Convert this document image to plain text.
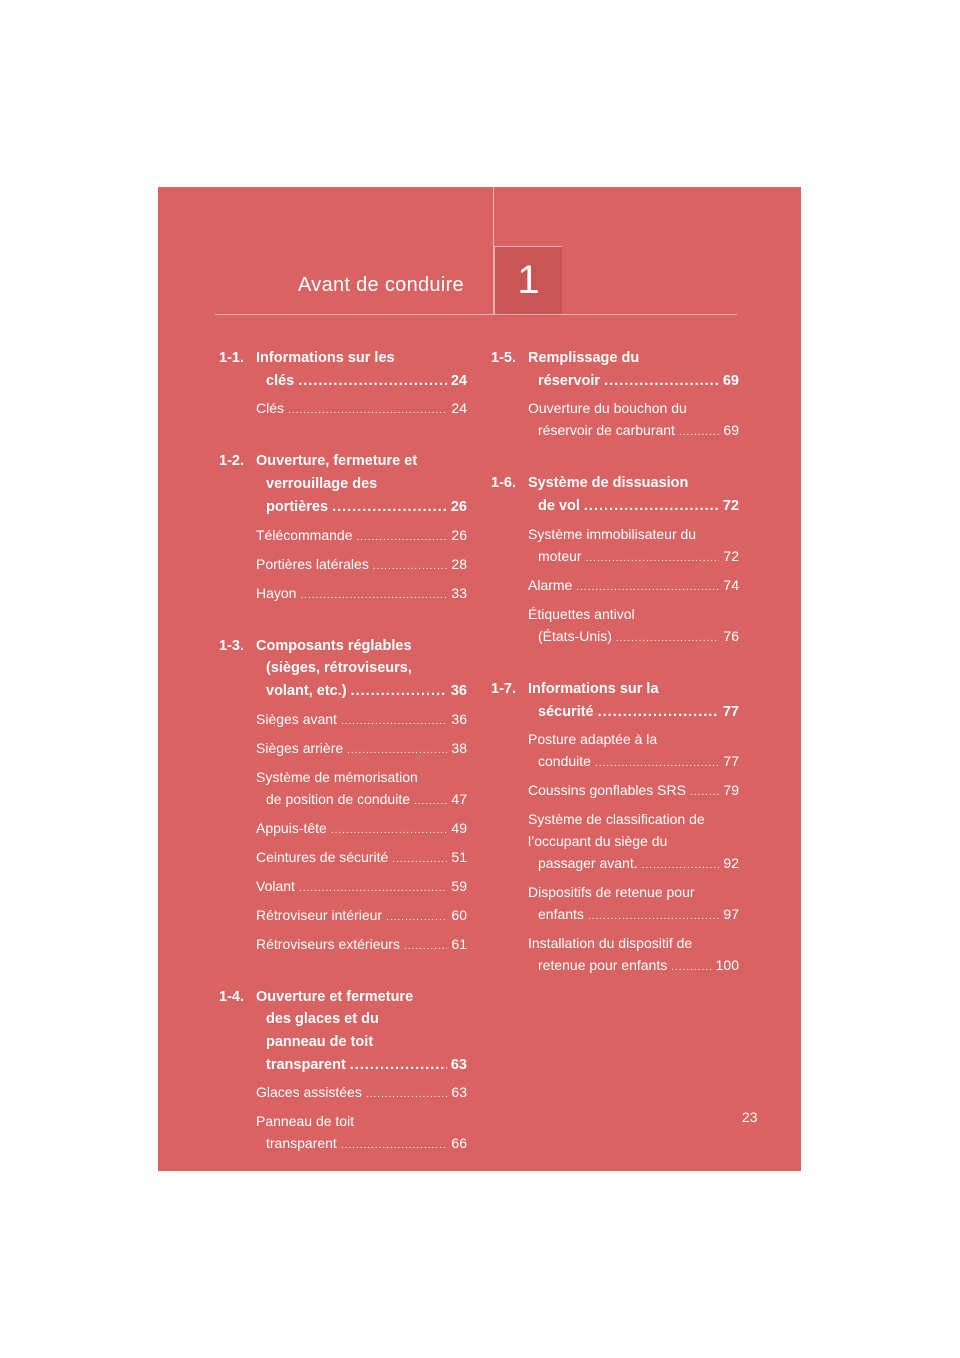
Avant de conduire 1
1-1. Informations sur les
clés .....	24
Clés .....	24
1-2. Ouverture, fermeture et
verrouillage des
portières .....	26
Télécommande .....	26
Portières latérales .....	28
Hayon .....	33
1-3. Composants réglables
(sièges, rétroviseurs,
volant, etc.) .....	36
Sièges avant .....	36
Sièges arrière .....	38
Système de mémorisation
de position de conduite .....	47
Appuis-tête .....	49
Ceintures de sécurité .....	51
Volant .....	59
Rétroviseur intérieur .....	60
Rétroviseurs extérieurs .....	61
1-4. Ouverture et fermeture
des glaces et du
panneau de toit
transparent .....	63
Glaces assistées .....	63
Panneau de toit
transparent .....	66
1-5. Remplissage du
réservoir .....	69
Ouverture du bouchon du
réservoir de carburant .....	69
1-6. Système de dissuasion
de vol .....	72
Système immobilisateur du
moteur .....	72
Alarme .....	74
Étiquettes antivol
(États-Unis) .....	76
1-7. Informations sur la
sécurité .....	77
Posture adaptée à la
conduite .....	77
Coussins gonflables SRS .....	79
Système de classification de
l’occupant du siège du
passager avant. .....	92
Dispositifs de retenue pour
enfants .....	97
Installation du dispositif de
retenue pour enfants .....	100
23
